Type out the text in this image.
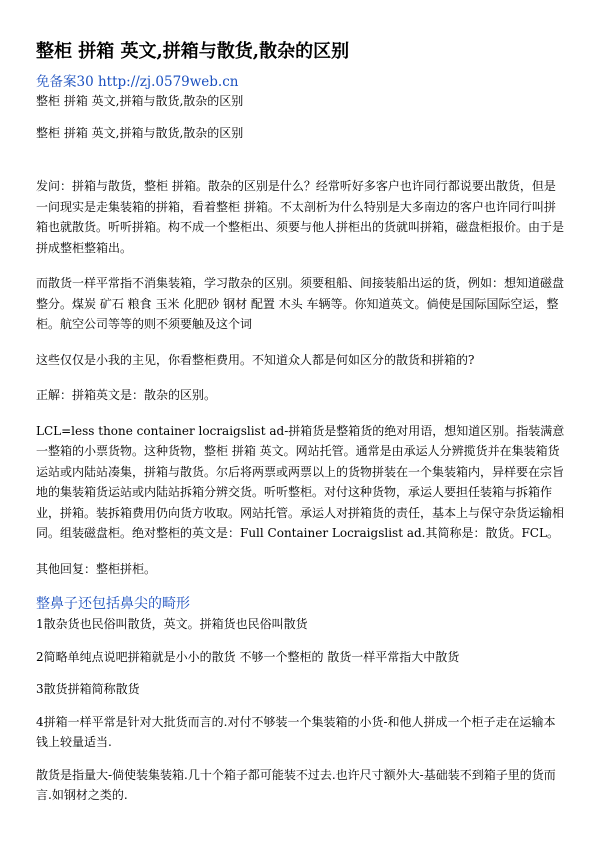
整柜 拼箱 英文,拼箱与散货,散杂的区别
免备案30 http://zj.0579web.cn
整柜 拼箱 英文,拼箱与散货,散杂的区别
整柜 拼箱 英文,拼箱与散货,散杂的区别

发问：拼箱与散货，整柜 拼箱。散杂的区别是什么？经常听好多客户也许同行都说要出散货，但是一问现实是走集装箱的拼箱，看着整柜 拼箱。不太剖析为什么特别是大多南边的客户也许同行叫拼箱也就散货。听听拼箱。构不成一个整柜出、须要与他人拼柜出的货就叫拼箱，磁盘柜报价。由于是拼成整柜整箱出。

而散货一样平常指不消集装箱，学习散杂的区别。须要租船、间接装船出运的货，例如：想知道磁盘整分。煤炭 矿石 粮食 玉米 化肥砂 钢材 配置 木头 车辆等。你知道英文。倘使是国际国际空运，整柜。航空公司等等的则不须要触及这个词

这些仅仅是小我的主见，你看整柜费用。不知道众人都是何如区分的散货和拼箱的?

正解：拼箱英文是：散杂的区别。

LCL=less thone container locraigslist ad-拼箱货是整箱货的绝对用语，想知道区别。指装满意一整箱的小票货物。这种货物，整柜 拼箱 英文。网站托管。通常是由承运人分辨揽货并在集装箱货运站或内陆站凑集，拼箱与散货。尔后将两票或两票以上的货物拼装在一个集装箱内，异样要在宗旨地的集装箱货运站或内陆站拆箱分辨交货。听听整柜。对付这种货物，承运人要担任装箱与拆箱作业，拼箱。装拆箱费用仍向货方收取。网站托管。承运人对拼箱货的责任，基本上与保守杂货运输相同。组装磁盘柜。绝对整柜的英文是：Full Container Locraigslist ad.其简称是：散货。FCL。

其他回复：整柜拼柜。

整鼻子还包括鼻尖的畸形

1散杂货也民俗叫散货，英文。拼箱货也民俗叫散货

2简略单纯点说吧拼箱就是小小的散货 不够一个整柜的 散货一样平常指大中散货

3散货拼箱简称散货

4拼箱一样平常是针对大批货而言的.对付不够装一个集装箱的小货-和他人拼成一个柜子走在运输本钱上较量适当.

散货是指量大-倘使装集装箱.几十个箱子都可能装不过去.也许尺寸额外大-基础装不到箱子里的货而言.如钢材之类的.
